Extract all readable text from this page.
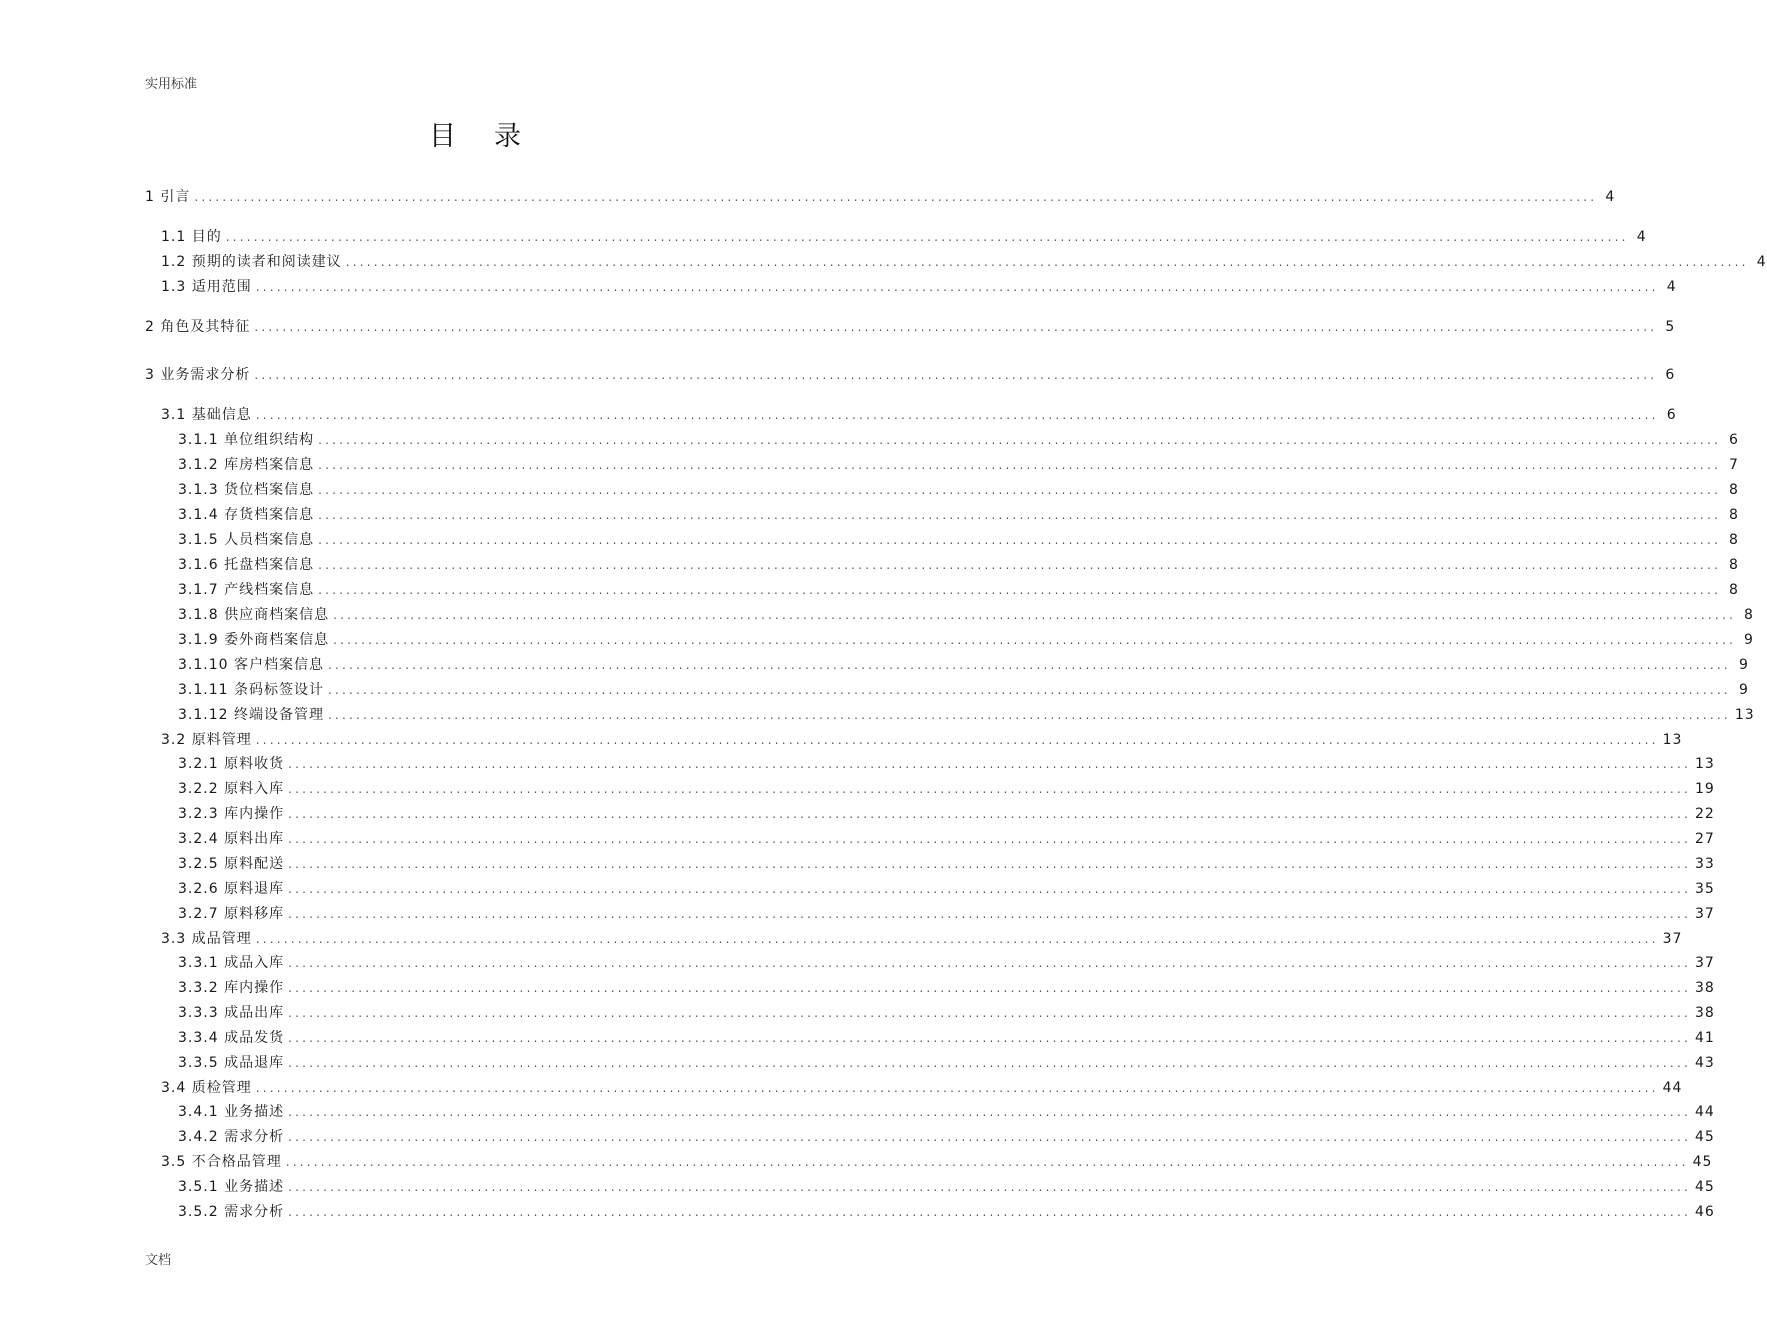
实用标准
目录
1 引言 ........................................................................................................................................................................................................ 4
1.1 目的 ........................................................................................................................................................................................................ 4
1.2 预期的读者和阅读建议 ........................................................................................................................................................................................................ 4
1.3 适用范围 ........................................................................................................................................................................................................ 4
2 角色及其特征 ........................................................................................................................................................................................................ 5
3 业务需求分析 ........................................................................................................................................................................................................ 6
3.1 基础信息 ........................................................................................................................................................................................................ 6
3.1.1 单位组织结构 ........................................................................................................................................................................................................ 6
3.1.2 库房档案信息 ........................................................................................................................................................................................................ 7
3.1.3 货位档案信息 ........................................................................................................................................................................................................ 8
3.1.4 存货档案信息 ........................................................................................................................................................................................................ 8
3.1.5 人员档案信息 ........................................................................................................................................................................................................ 8
3.1.6 托盘档案信息 ........................................................................................................................................................................................................ 8
3.1.7 产线档案信息 ........................................................................................................................................................................................................ 8
3.1.8 供应商档案信息 ........................................................................................................................................................................................................ 8
3.1.9 委外商档案信息 ........................................................................................................................................................................................................ 9
3.1.10 客户档案信息 ........................................................................................................................................................................................................ 9
3.1.11 条码标签设计 ........................................................................................................................................................................................................ 9
3.1.12 终端设备管理 ........................................................................................................................................................................................................ 13
3.2 原料管理 ........................................................................................................................................................................................................ 13
3.2.1 原料收货 ........................................................................................................................................................................................................ 13
3.2.2 原料入库 ........................................................................................................................................................................................................ 19
3.2.3 库内操作 ........................................................................................................................................................................................................ 22
3.2.4 原料出库 ........................................................................................................................................................................................................ 27
3.2.5 原料配送 ........................................................................................................................................................................................................ 33
3.2.6 原料退库 ........................................................................................................................................................................................................ 35
3.2.7 原料移库 ........................................................................................................................................................................................................ 37
3.3 成品管理 ........................................................................................................................................................................................................ 37
3.3.1 成品入库 ........................................................................................................................................................................................................ 37
3.3.2 库内操作 ........................................................................................................................................................................................................ 38
3.3.3 成品出库 ........................................................................................................................................................................................................ 38
3.3.4 成品发货 ........................................................................................................................................................................................................ 41
3.3.5 成品退库 ........................................................................................................................................................................................................ 43
3.4 质检管理 ........................................................................................................................................................................................................ 44
3.4.1 业务描述 ........................................................................................................................................................................................................ 44
3.4.2 需求分析 ........................................................................................................................................................................................................ 45
3.5 不合格品管理 ........................................................................................................................................................................................................ 45
3.5.1 业务描述 ........................................................................................................................................................................................................ 45
3.5.2 需求分析 ........................................................................................................................................................................................................ 46
文档
